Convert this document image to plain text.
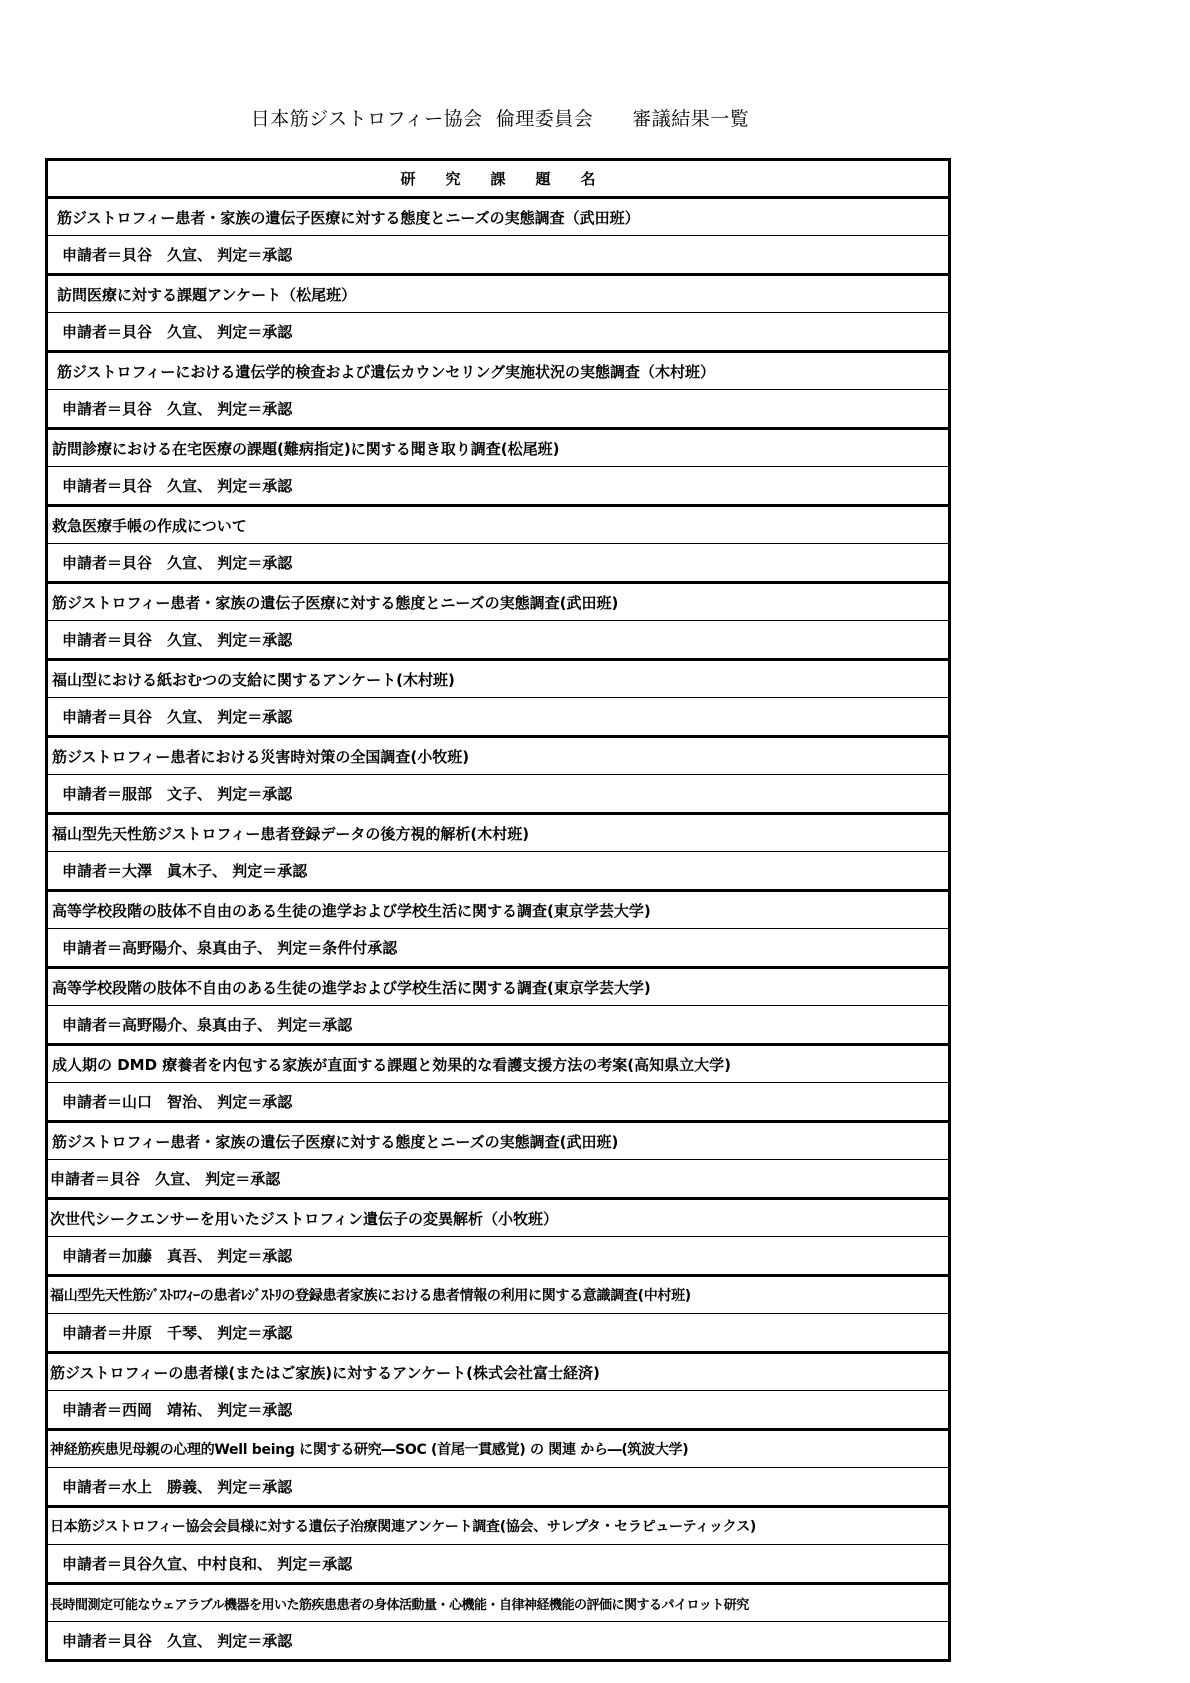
日本筋ジストロフィー協会  倫理委員会　　審議結果一覧
研　　究　　課　　題　　名
筋ジストロフィー患者・家族の遺伝子医療に対する態度とニーズの実態調査（武田班）
申請者＝貝谷　久宣、 判定＝承認
訪問医療に対する課題アンケート（松尾班）
申請者＝貝谷　久宣、 判定＝承認
筋ジストロフィーにおける遺伝学的検査および遺伝カウンセリング実施状況の実態調査（木村班）
申請者＝貝谷　久宣、 判定＝承認
訪問診療における在宅医療の課題(難病指定)に関する聞き取り調査(松尾班)
申請者＝貝谷　久宣、 判定＝承認
救急医療手帳の作成について
申請者＝貝谷　久宣、 判定＝承認
筋ジストロフィー患者・家族の遺伝子医療に対する態度とニーズの実態調査(武田班)
申請者＝貝谷　久宣、 判定＝承認
福山型における紙おむつの支給に関するアンケート(木村班)
申請者＝貝谷　久宣、 判定＝承認
筋ジストロフィー患者における災害時対策の全国調査(小牧班)
申請者＝服部　文子、 判定＝承認
福山型先天性筋ジストロフィー患者登録データの後方視的解析(木村班)
申請者＝大澤　眞木子、 判定＝承認
高等学校段階の肢体不自由のある生徒の進学および学校生活に関する調査(東京学芸大学)
申請者＝高野陽介、泉真由子、 判定＝条件付承認
高等学校段階の肢体不自由のある生徒の進学および学校生活に関する調査(東京学芸大学)
申請者＝高野陽介、泉真由子、 判定＝承認
成人期の DMD 療養者を内包する家族が直面する課題と効果的な看護支援方法の考案(高知県立大学)
申請者＝山口　智治、 判定＝承認
筋ジストロフィー患者・家族の遺伝子医療に対する態度とニーズの実態調査(武田班)
申請者＝貝谷　久宣、 判定＝承認
次世代シークエンサーを用いたジストロフィン遺伝子の変異解析（小牧班）
申請者＝加藤　真吾、 判定＝承認
福山型先天性筋ｼﾞｽﾄﾛﾌｨｰの患者ﾚｼﾞｽﾄﾘの登録患者家族における患者情報の利用に関する意識調査(中村班)
申請者＝井原　千琴、 判定＝承認
筋ジストロフィーの患者様(またはご家族)に対するアンケート(株式会社富士経済)
申請者＝西岡　靖祐、 判定＝承認
神経筋疾患児母親の心理的Well being に関する研究―SOC (首尾一貫感覚) の 関連 から―(筑波大学)
申請者＝水上　勝義、 判定＝承認
日本筋ジストロフィー協会会員様に対する遺伝子治療関連アンケート調査(協会、サレプタ・セラピューティックス)
申請者＝貝谷久宣、中村良和、 判定＝承認
長時間測定可能なウェアラブル機器を用いた筋疾患患者の身体活動量・心機能・自律神経機能の評価に関するパイロット研究
申請者＝貝谷　久宣、 判定＝承認
